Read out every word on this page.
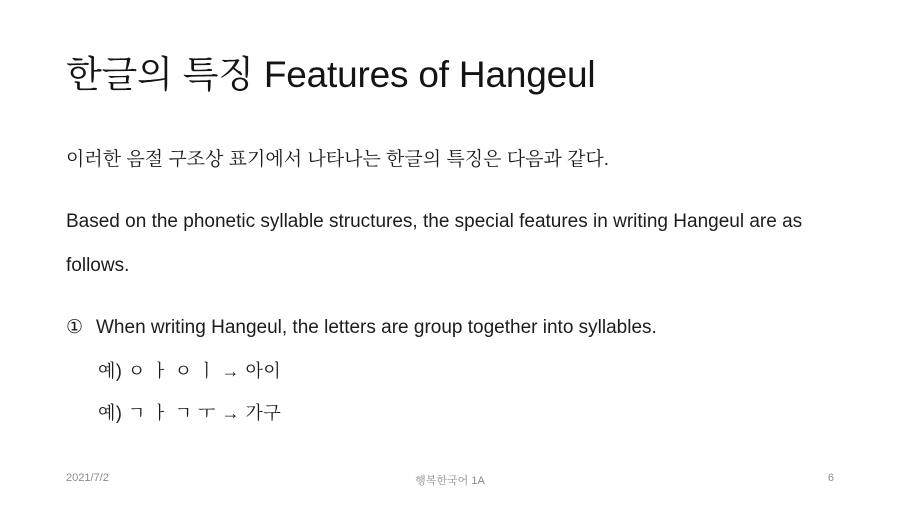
한글의 특징 Features of Hangeul

이러한 음절 구조상 표기에서 나타나는 한글의 특징은 다음과 같다.

Based on the phonetic syllable structures, the special features in writing Hangeul are as follows.

① When writing Hangeul, the letters are group together into syllables.

예) ㅇ ㅏ ㅇ ㅣ → 아이

예) ㄱ ㅏ ㄱ ㅜ → 가구

2021/7/2	행복한국어 1A	6
